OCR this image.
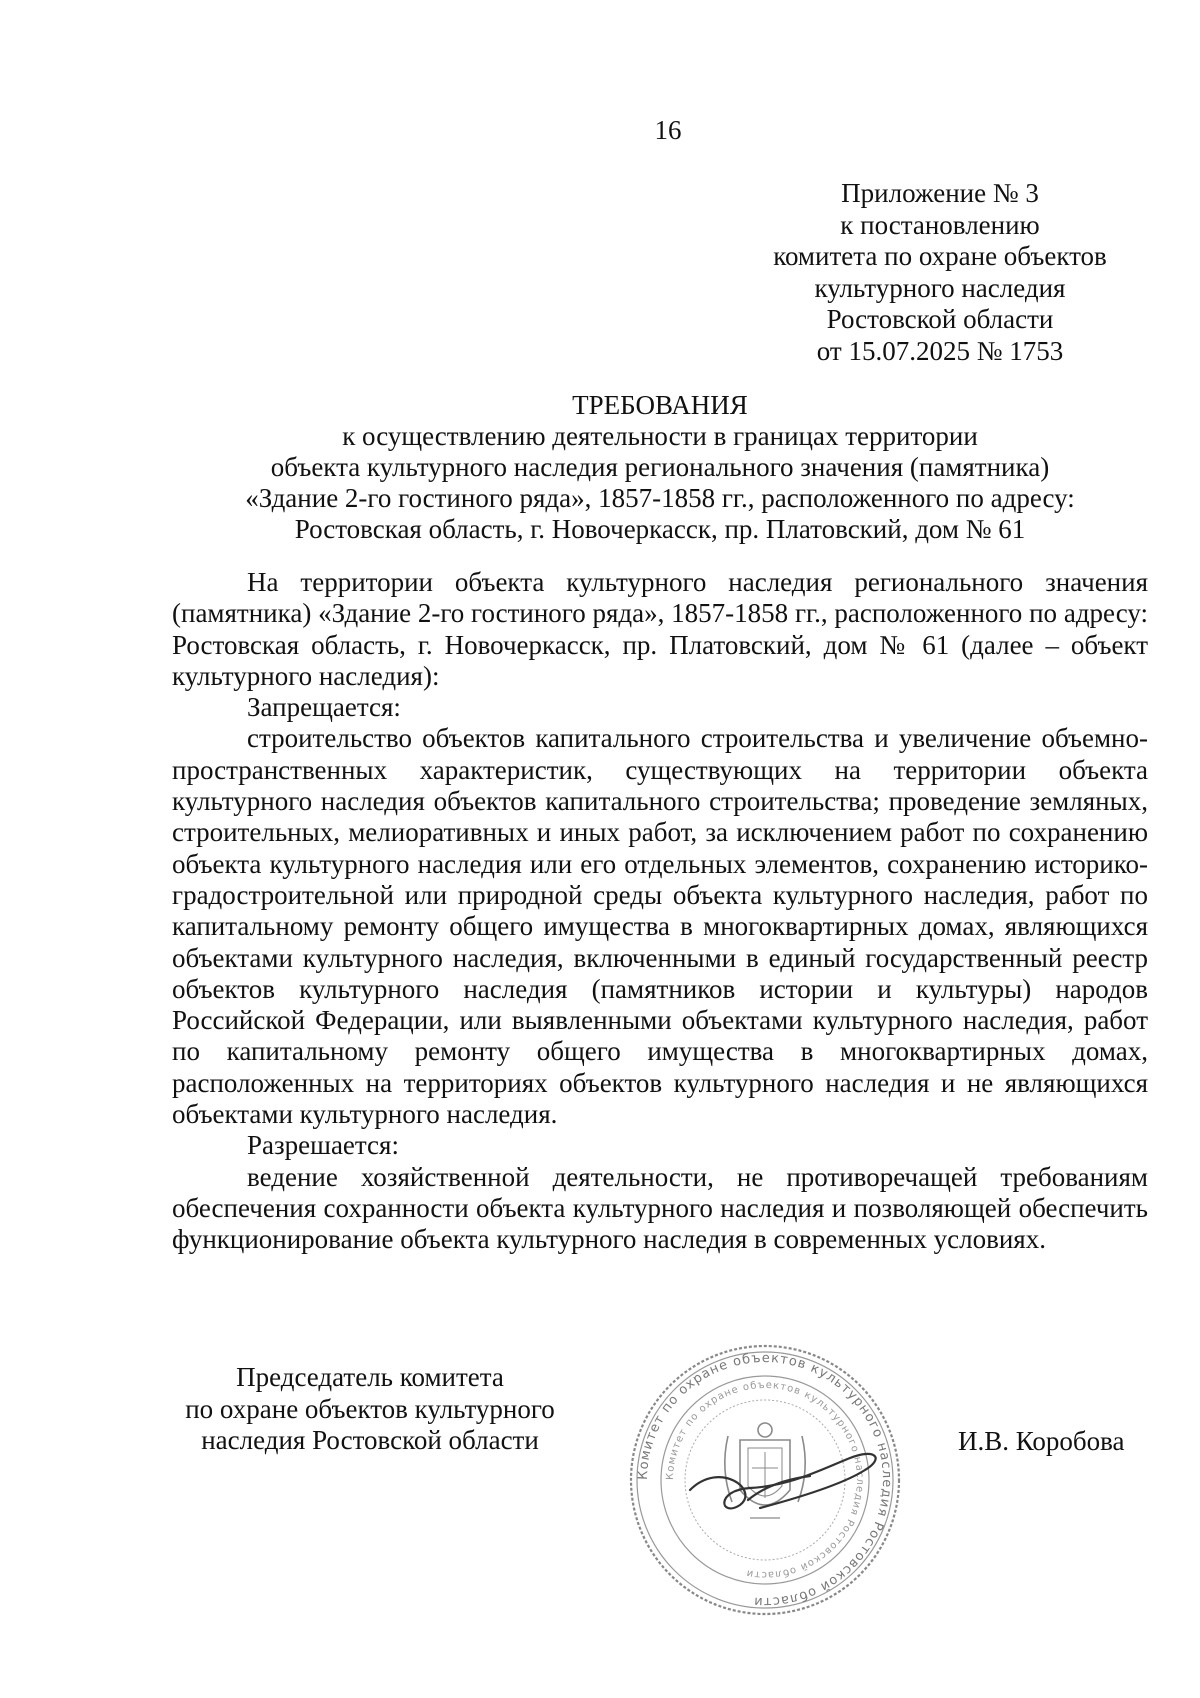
16
Приложение № 3
к постановлению
комитета по охране объектов
культурного наследия
Ростовской области
от 15.07.2025 № 1753
ТРЕБОВАНИЯ
к осуществлению деятельности в границах территории
объекта культурного наследия регионального значения (памятника)
«Здание 2-го гостиного ряда», 1857-1858 гг., расположенного по адресу:
Ростовская область, г. Новочеркасск, пр. Платовский, дом № 61

На территории объекта культурного наследия регионального значения (памятника) «Здание 2-го гостиного ряда», 1857-1858 гг., расположенного по адресу: Ростовская область, г. Новочеркасск, пр. Платовский, дом № 61 (далее – объект культурного наследия):

Запрещается:

строительство объектов капитального строительства и увеличение объемно-пространственных характеристик, существующих на территории объекта культурного наследия объектов капитального строительства; проведение земляных, строительных, мелиоративных и иных работ, за исключением работ по сохранению объекта культурного наследия или его отдельных элементов, сохранению историко-градостроительной или природной среды объекта культурного наследия, работ по капитальному ремонту общего имущества в многоквартирных домах, являющихся объектами культурного наследия, включенными в единый государственный реестр объектов культурного наследия (памятников истории и культуры) народов Российской Федерации, или выявленными объектами культурного наследия, работ по капитальному ремонту общего имущества в многоквартирных домах, расположенных на территориях объектов культурного наследия и не являющихся объектами культурного наследия.

Разрешается:

ведение хозяйственной деятельности, не противоречащей требованиям обеспечения сохранности объекта культурного наследия и позволяющей обеспечить функционирование объекта культурного наследия в современных условиях.

Председатель комитета
по охране объектов культурного
наследия Ростовской области
Комитет по охране объектов культурного наследия Ростовской области
Комитет по охране объектов культурного наследия Ростовской области
И.В. Коробова
